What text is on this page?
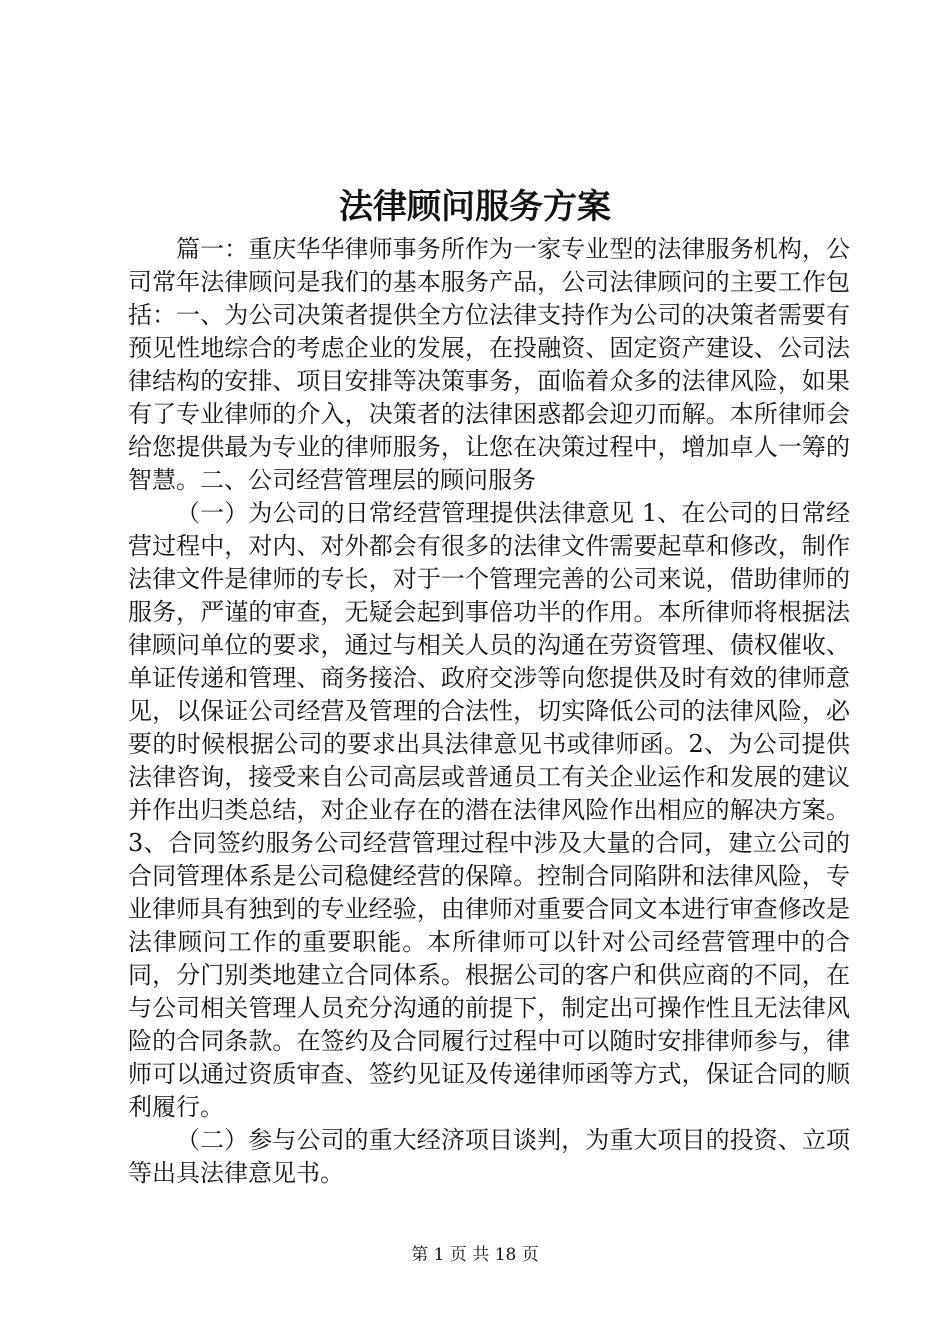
法律顾问服务方案

篇一：重庆华华律师事务所作为一家专业型的法律服务机构，公司常年法律顾问是我们的基本服务产品，公司法律顾问的主要工作包括：一、为公司决策者提供全方位法律支持作为公司的决策者需要有预见性地综合的考虑企业的发展，在投融资、固定资产建设、公司法律结构的安排、项目安排等决策事务，面临着众多的法律风险，如果有了专业律师的介入，决策者的法律困惑都会迎刃而解。本所律师会给您提供最为专业的律师服务，让您在决策过程中，增加卓人一筹的智慧。二、公司经营管理层的顾问服务

（一）为公司的日常经营管理提供法律意见 1、在公司的日常经营过程中，对内、对外都会有很多的法律文件需要起草和修改，制作法律文件是律师的专长，对于一个管理完善的公司来说，借助律师的服务，严谨的审查，无疑会起到事倍功半的作用。本所律师将根据法律顾问单位的要求，通过与相关人员的沟通在劳资管理、债权催收、单证传递和管理、商务接洽、政府交涉等向您提供及时有效的律师意见，以保证公司经营及管理的合法性，切实降低公司的法律风险，必要的时候根据公司的要求出具法律意见书或律师函。2、为公司提供法律咨询，接受来自公司高层或普通员工有关企业运作和发展的建议并作出归类总结，对企业存在的潜在法律风险作出相应的解决方案。3、合同签约服务公司经营管理过程中涉及大量的合同，建立公司的合同管理体系是公司稳健经营的保障。控制合同陷阱和法律风险，专业律师具有独到的专业经验，由律师对重要合同文本进行审查修改是法律顾问工作的重要职能。本所律师可以针对公司经营管理中的合同，分门别类地建立合同体系。根据公司的客户和供应商的不同，在与公司相关管理人员充分沟通的前提下，制定出可操作性且无法律风险的合同条款。在签约及合同履行过程中可以随时安排律师参与，律师可以通过资质审查、签约见证及传递律师函等方式，保证合同的顺利履行。

（二）参与公司的重大经济项目谈判，为重大项目的投资、立项等出具法律意见书。

第 1 页 共 18 页
